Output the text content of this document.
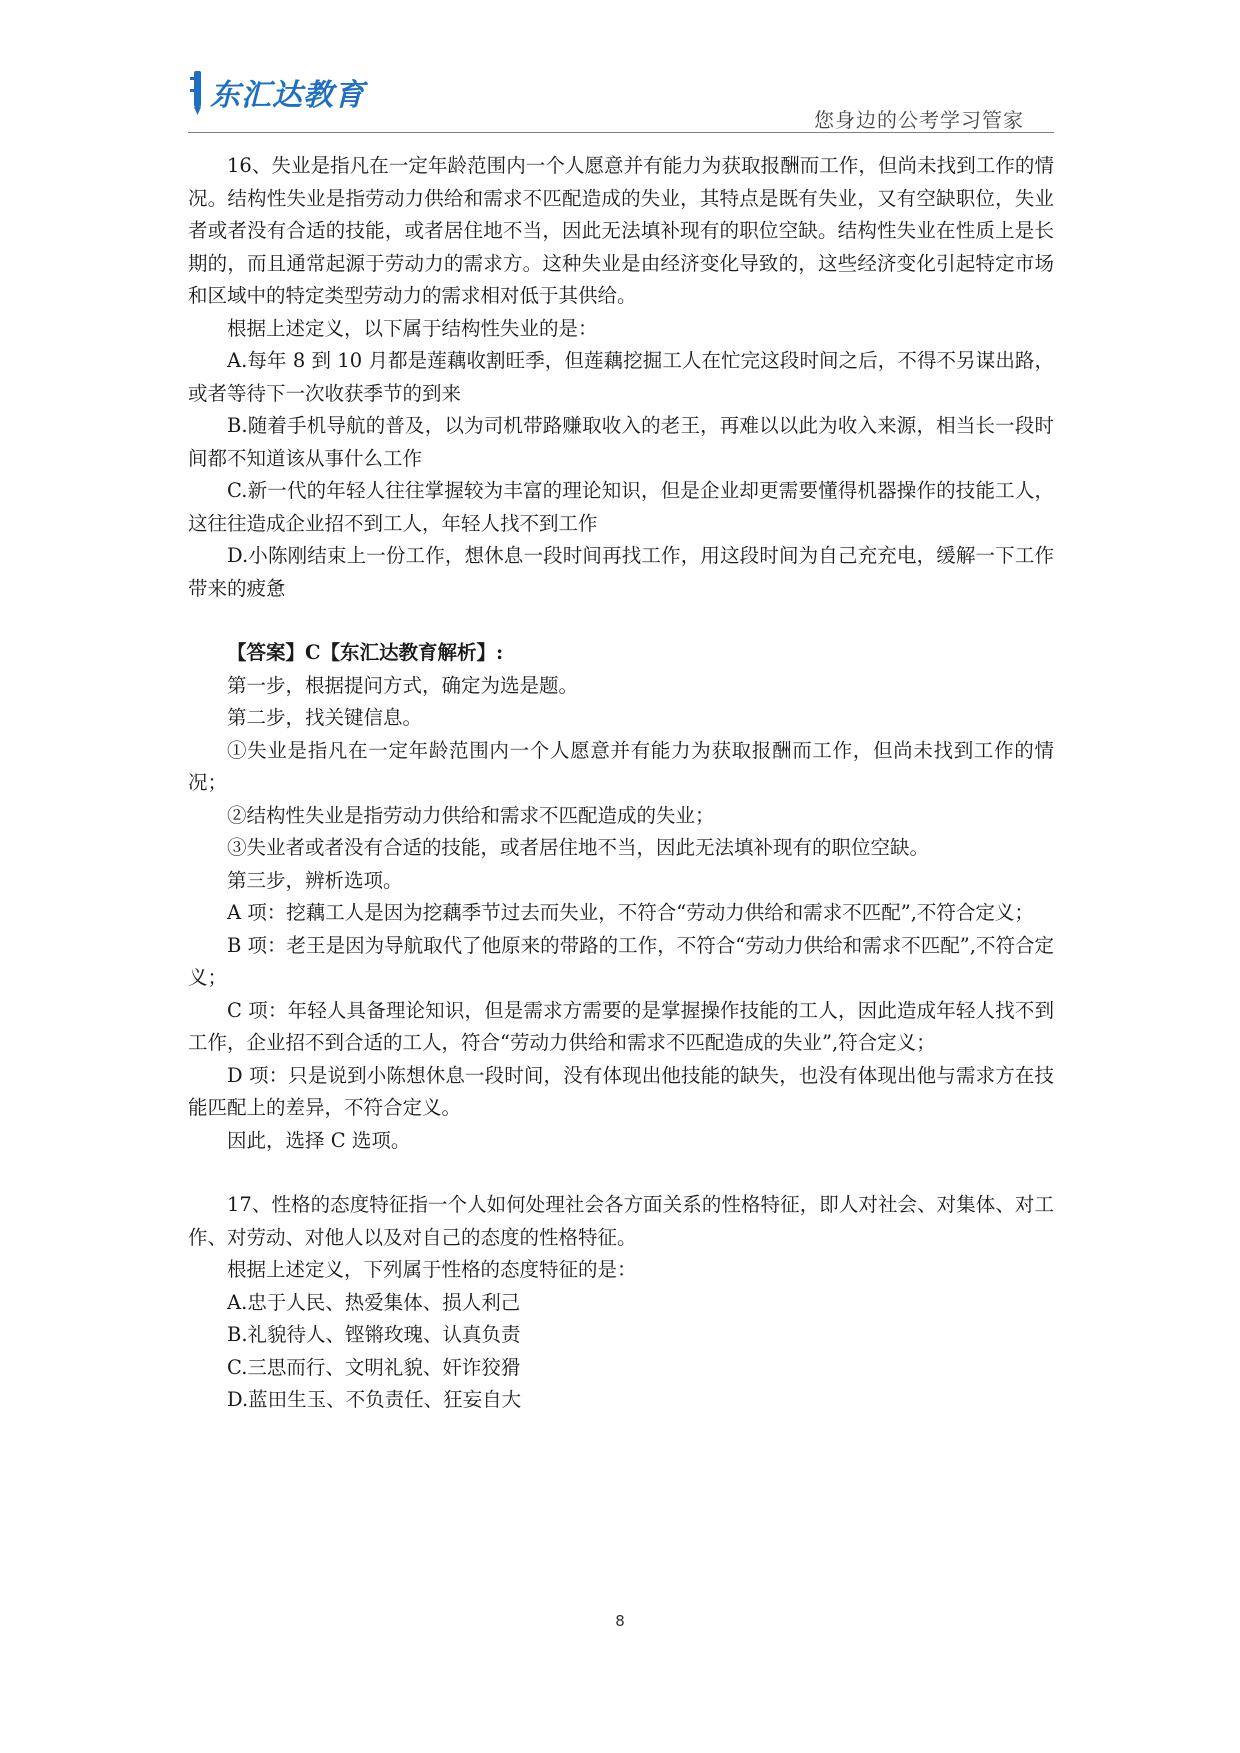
东汇达教育
您身边的公考学习管家

16、失业是指凡在一定年龄范围内一个人愿意并有能力为获取报酬而工作，但尚未找到工作的情况。结构性失业是指劳动力供给和需求不匹配造成的失业，其特点是既有失业，又有空缺职位，失业者或者没有合适的技能，或者居住地不当，因此无法填补现有的职位空缺。结构性失业在性质上是长期的，而且通常起源于劳动力的需求方。这种失业是由经济变化导致的，这些经济变化引起特定市场和区域中的特定类型劳动力的需求相对低于其供给。

根据上述定义，以下属于结构性失业的是：

A.每年 8 到 10 月都是莲藕收割旺季，但莲藕挖掘工人在忙完这段时间之后，不得不另谋出路，或者等待下一次收获季节的到来

B.随着手机导航的普及，以为司机带路赚取收入的老王，再难以以此为收入来源，相当长一段时间都不知道该从事什么工作

C.新一代的年轻人往往掌握较为丰富的理论知识，但是企业却更需要懂得机器操作的技能工人，这往往造成企业招不到工人，年轻人找不到工作

D.小陈刚结束上一份工作，想休息一段时间再找工作，用这段时间为自己充充电，缓解一下工作带来的疲惫

【答案】C【东汇达教育解析】:

第一步，根据提问方式，确定为选是题。

第二步，找关键信息。

①失业是指凡在一定年龄范围内一个人愿意并有能力为获取报酬而工作，但尚未找到工作的情况；

②结构性失业是指劳动力供给和需求不匹配造成的失业；

③失业者或者没有合适的技能，或者居住地不当，因此无法填补现有的职位空缺。

第三步，辨析选项。

A 项：挖藕工人是因为挖藕季节过去而失业，不符合“劳动力供给和需求不匹配”,不符合定义；

B 项：老王是因为导航取代了他原来的带路的工作，不符合“劳动力供给和需求不匹配”,不符合定义；

C 项：年轻人具备理论知识，但是需求方需要的是掌握操作技能的工人，因此造成年轻人找不到工作，企业招不到合适的工人，符合“劳动力供给和需求不匹配造成的失业”,符合定义；

D 项：只是说到小陈想休息一段时间，没有体现出他技能的缺失，也没有体现出他与需求方在技能匹配上的差异，不符合定义。

因此，选择 C 选项。

17、性格的态度特征指一个人如何处理社会各方面关系的性格特征，即人对社会、对集体、对工作、对劳动、对他人以及对自己的态度的性格特征。

根据上述定义，下列属于性格的态度特征的是：

A.忠于人民、热爱集体、损人利己

B.礼貌待人、铿锵玫瑰、认真负责

C.三思而行、文明礼貌、奸诈狡猾

D.蓝田生玉、不负责任、狂妄自大

8
